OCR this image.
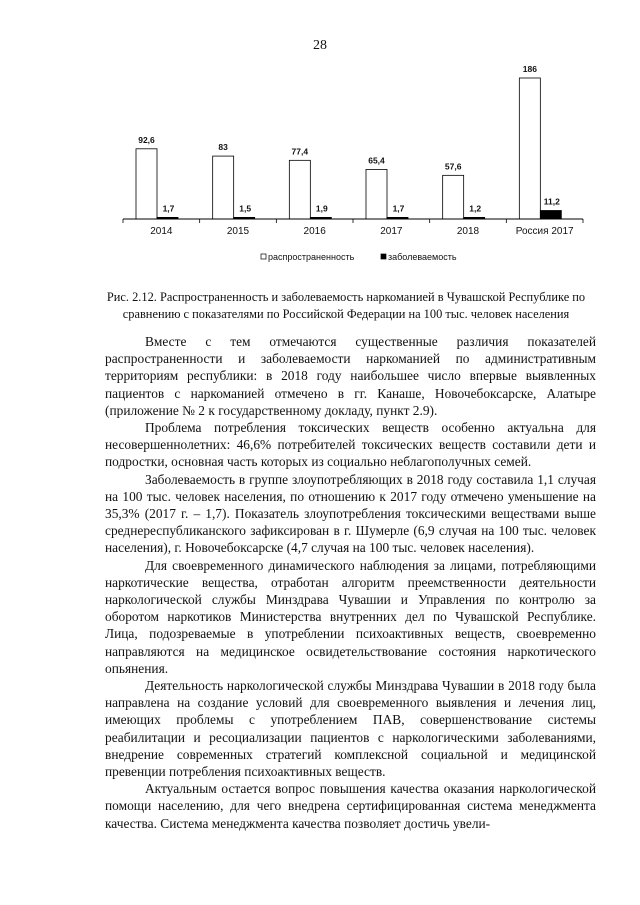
28
92,6
1,7
2014
83
1,5
2015
77,4
1,9
2016
65,4
1,7
2017
57,6
1,2
2018
186
11,2
Россия 2017
распространенность	заболеваемость
Рис. 2.12. Распространенность и заболеваемость наркоманией в Чувашской Республике по сравнению с показателями по Российской Федерации на 100 тыс. человек населения

Вместе с тем отмечаются существенные различия показателей распространенности и заболеваемости наркоманией по административным территориям республики: в 2018 году наибольшее число впервые выявленных пациентов с наркоманией отмечено в гг. Канаше, Новочебоксарске, Алатыре (приложение № 2 к государственному докладу, пункт 2.9).

Проблема потребления токсических веществ особенно актуальна для несовершеннолетних: 46,6% потребителей токсических веществ составили дети и подростки, основная часть которых из социально неблагополучных семей.

Заболеваемость в группе злоупотребляющих в 2018 году составила 1,1 случая на 100 тыс. человек населения, по отношению к 2017 году отмечено уменьшение на 35,3% (2017 г. – 1,7). Показатель злоупотребления токсическими веществами выше среднереспубликанского зафиксирован в г. Шумерле (6,9 случая на 100 тыс. человек населения), г. Новочебоксарске (4,7 случая на 100 тыс. человек населения).

Для своевременного динамического наблюдения за лицами, потребляющими наркотические вещества, отработан алгоритм преемственности деятельности наркологической службы Минздрава Чувашии и Управления по контролю за оборотом наркотиков Министерства внутренних дел по Чувашской Республике. Лица, подозреваемые в употреблении психоактивных веществ, своевременно направляются на медицинское освидетельствование состояния наркотического опьянения.

Деятельность наркологической службы Минздрава Чувашии в 2018 году была направлена на создание условий для своевременного выявления и лечения лиц, имеющих проблемы с употреблением ПАВ, совершенствование системы реабилитации и ресоциализации пациентов с наркологическими заболеваниями, внедрение современных стратегий комплексной социальной и медицинской превенции потребления психоактивных веществ.

Актуальным остается вопрос повышения качества оказания наркологической помощи населению, для чего внедрена сертифицированная система менеджмента качества. Система менеджмента качества позволяет достичь увели-
